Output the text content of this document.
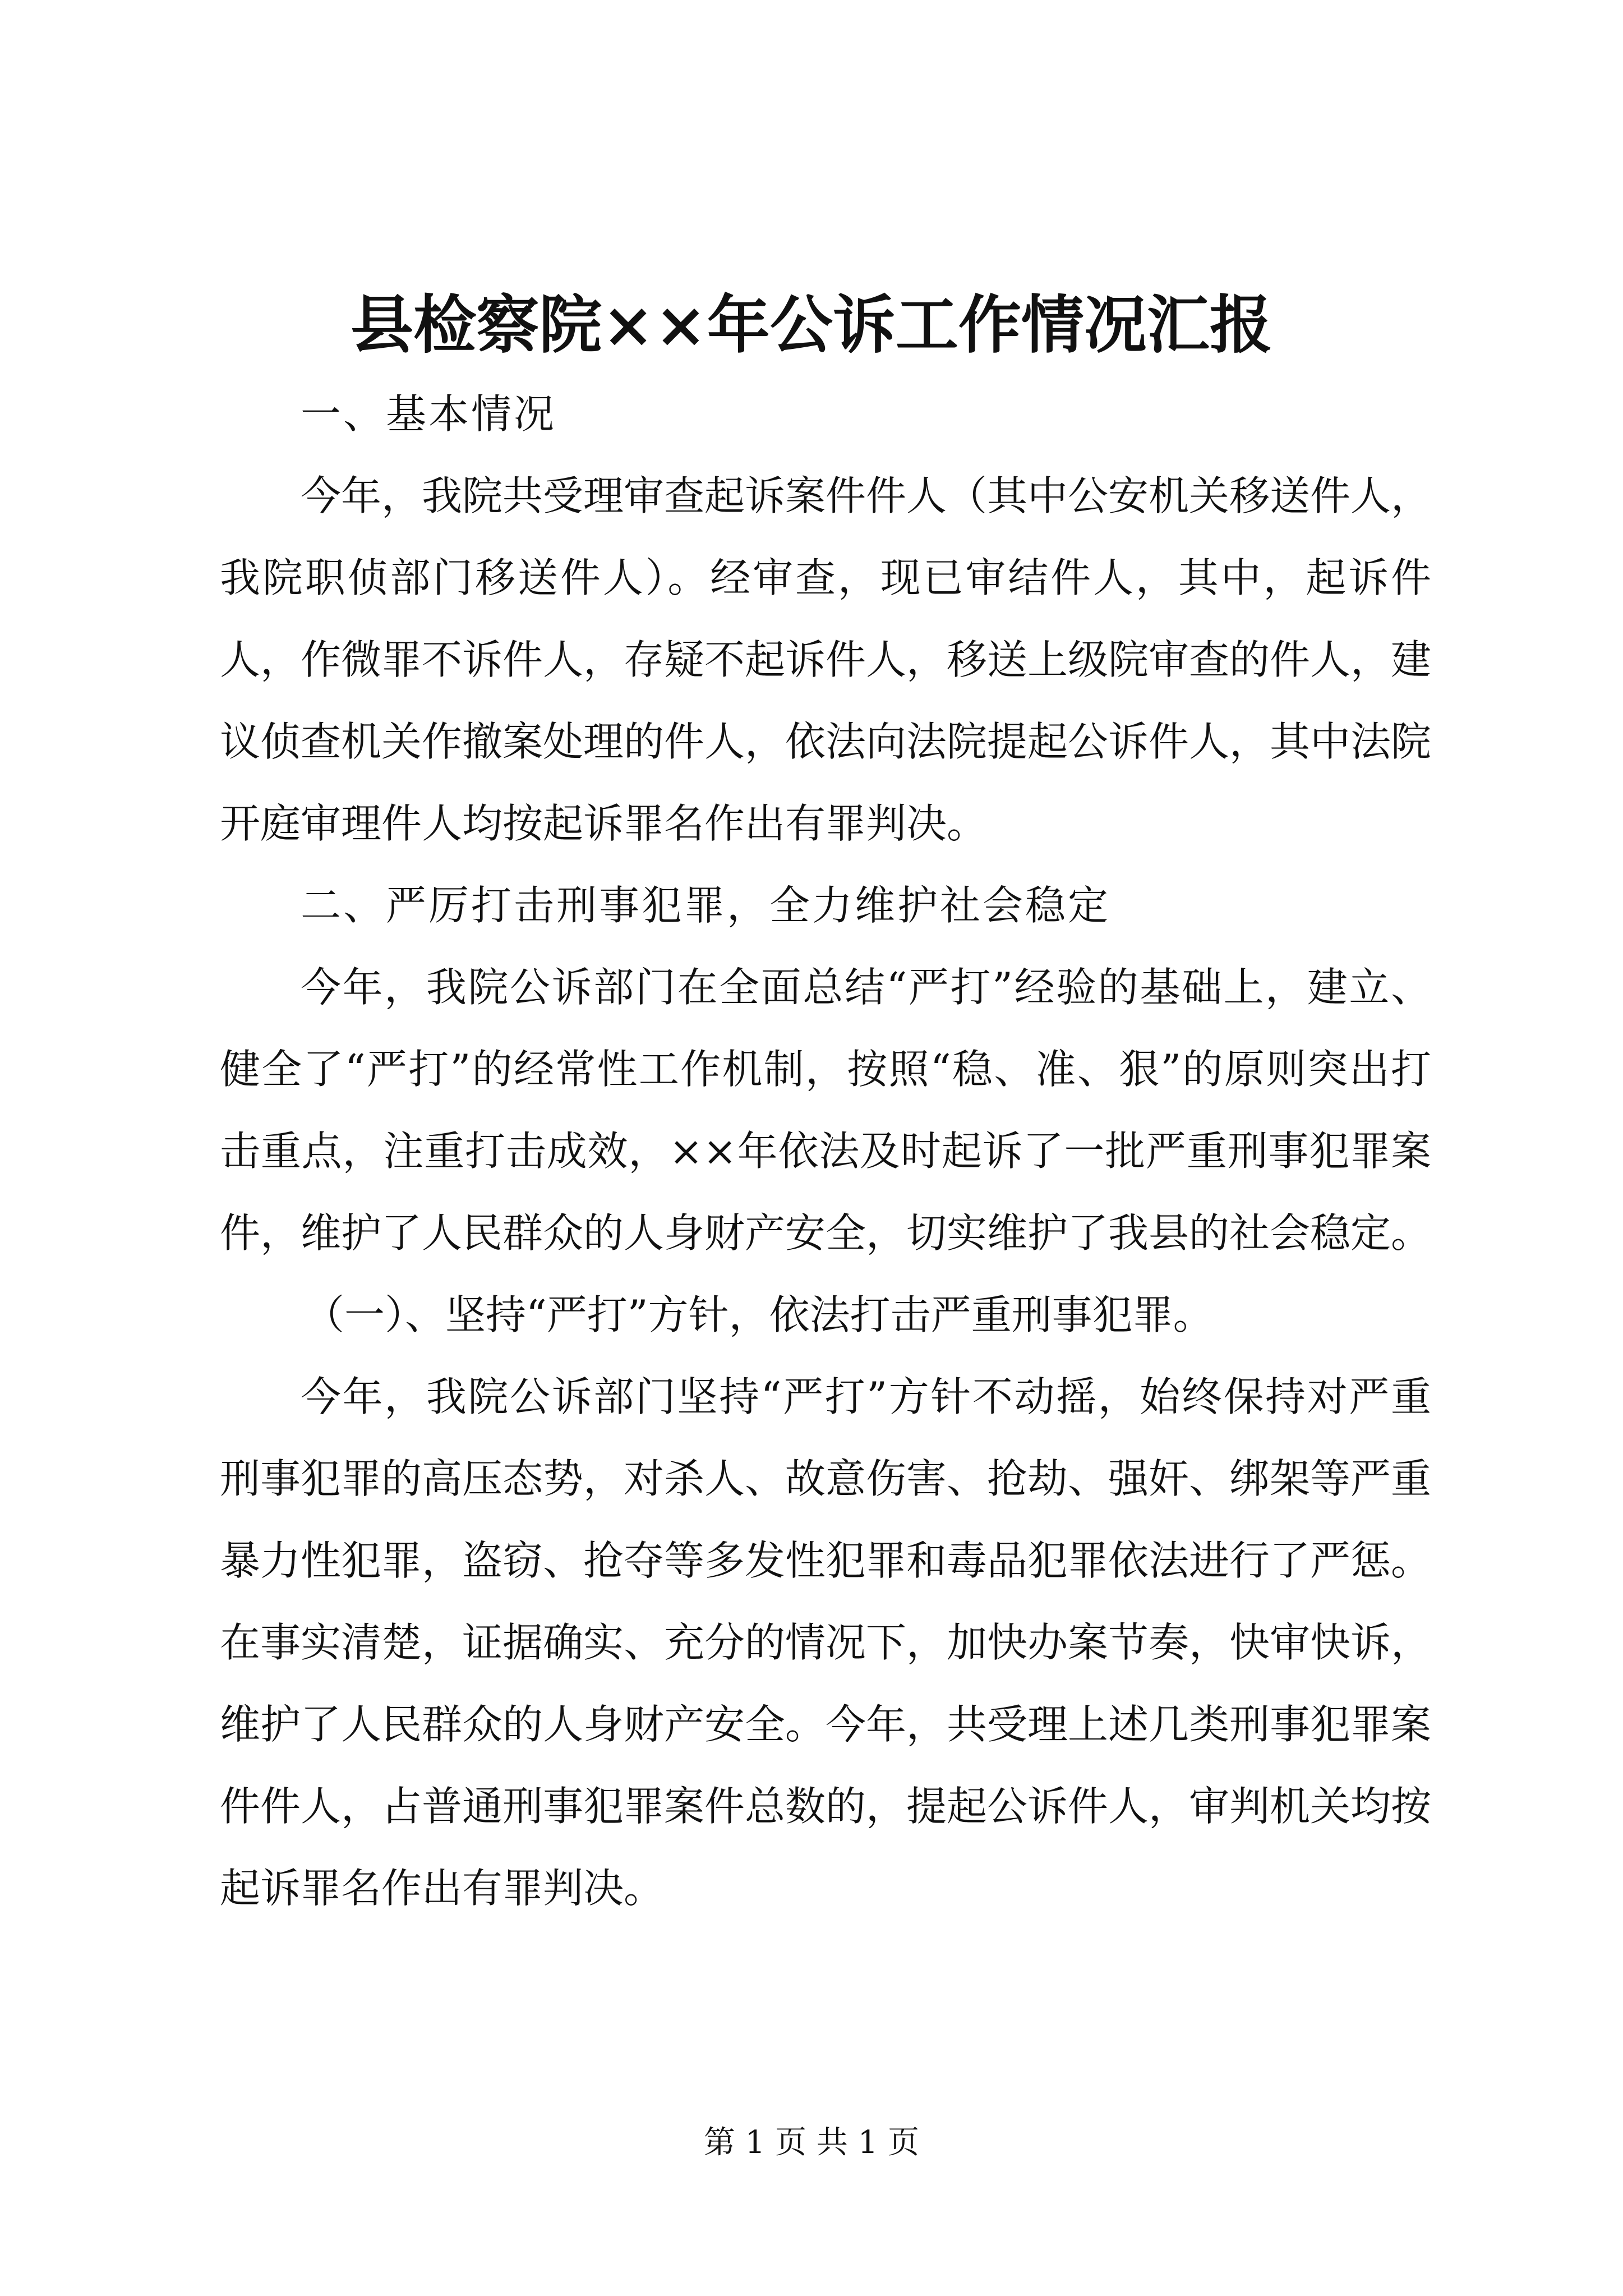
县检察院××年公诉工作情况汇报

一、基本情况

今年，我院共受理审查起诉案件件人（其中公安机关移送件人，我院职侦部门移送件人）。经审查，现已审结件人，其中，起诉件人，作微罪不诉件人，存疑不起诉件人，移送上级院审查的件人，建议侦查机关作撤案处理的件人，依法向法院提起公诉件人，其中法院开庭审理件人均按起诉罪名作出有罪判决。

二、严厉打击刑事犯罪，全力维护社会稳定

今年，我院公诉部门在全面总结“严打”经验的基础上，建立、健全了“严打”的经常性工作机制，按照“稳、准、狠”的原则突出打击重点，注重打击成效，××年依法及时起诉了一批严重刑事犯罪案件，维护了人民群众的人身财产安全，切实维护了我县的社会稳定。

（一）、坚持“严打”方针，依法打击严重刑事犯罪。

今年，我院公诉部门坚持“严打”方针不动摇，始终保持对严重刑事犯罪的高压态势，对杀人、故意伤害、抢劫、强奸、绑架等严重暴力性犯罪，盗窃、抢夺等多发性犯罪和毒品犯罪依法进行了严惩。在事实清楚，证据确实、充分的情况下，加快办案节奏，快审快诉，维护了人民群众的人身财产安全。今年，共受理上述几类刑事犯罪案件件人，占普通刑事犯罪案件总数的，提起公诉件人，审判机关均按起诉罪名作出有罪判决。

第 1 页 共 1 页
